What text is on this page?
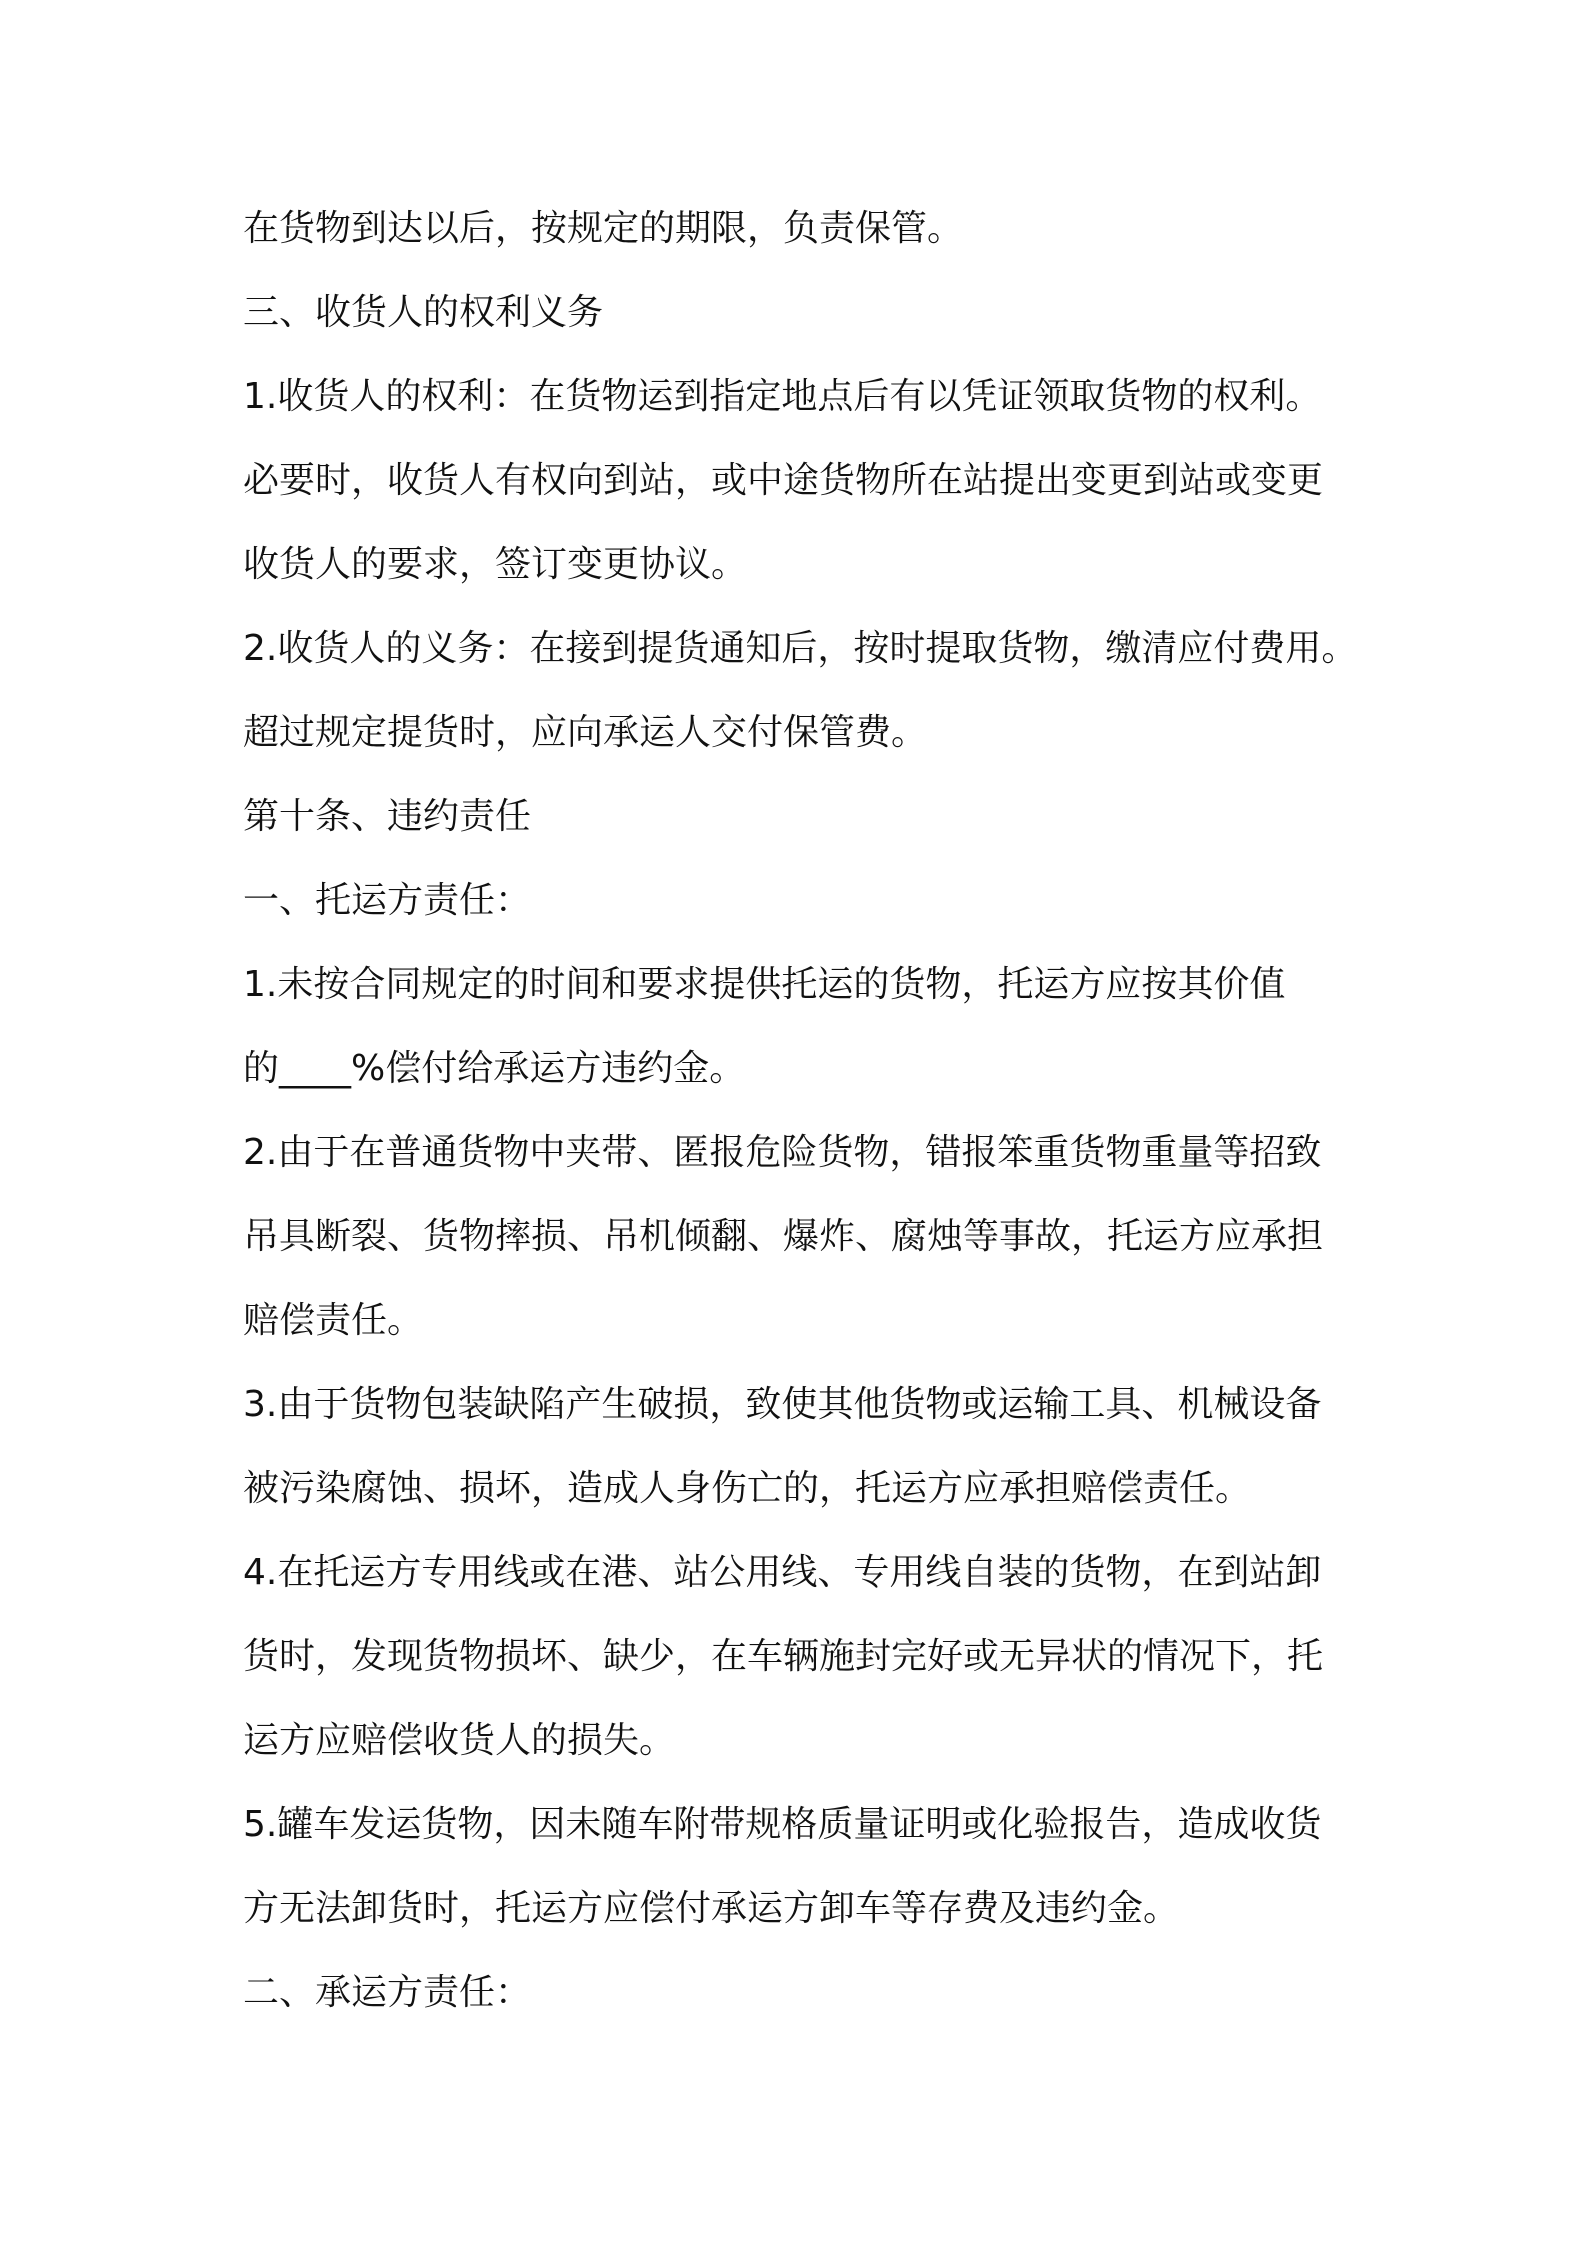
在货物到达以后，按规定的期限，负责保管。
三、收货人的权利义务
1.收货人的权利：在货物运到指定地点后有以凭证领取货物的权利。
必要时，收货人有权向到站，或中途货物所在站提出变更到站或变更
收货人的要求，签订变更协议。
2.收货人的义务：在接到提货通知后，按时提取货物，缴清应付费用。
超过规定提货时，应向承运人交付保管费。
第十条、违约责任
一、托运方责任：
1.未按合同规定的时间和要求提供托运的货物，托运方应按其价值
的____%偿付给承运方违约金。
2.由于在普通货物中夹带、匿报危险货物，错报笨重货物重量等招致
吊具断裂、货物摔损、吊机倾翻、爆炸、腐烛等事故，托运方应承担
赔偿责任。
3.由于货物包装缺陷产生破损，致使其他货物或运输工具、机械设备
被污染腐蚀、损坏，造成人身伤亡的，托运方应承担赔偿责任。
4.在托运方专用线或在港、站公用线、专用线自装的货物，在到站卸
货时，发现货物损坏、缺少，在车辆施封完好或无异状的情况下，托
运方应赔偿收货人的损失。
5.罐车发运货物，因未随车附带规格质量证明或化验报告，造成收货
方无法卸货时，托运方应偿付承运方卸车等存费及违约金。
二、承运方责任：
